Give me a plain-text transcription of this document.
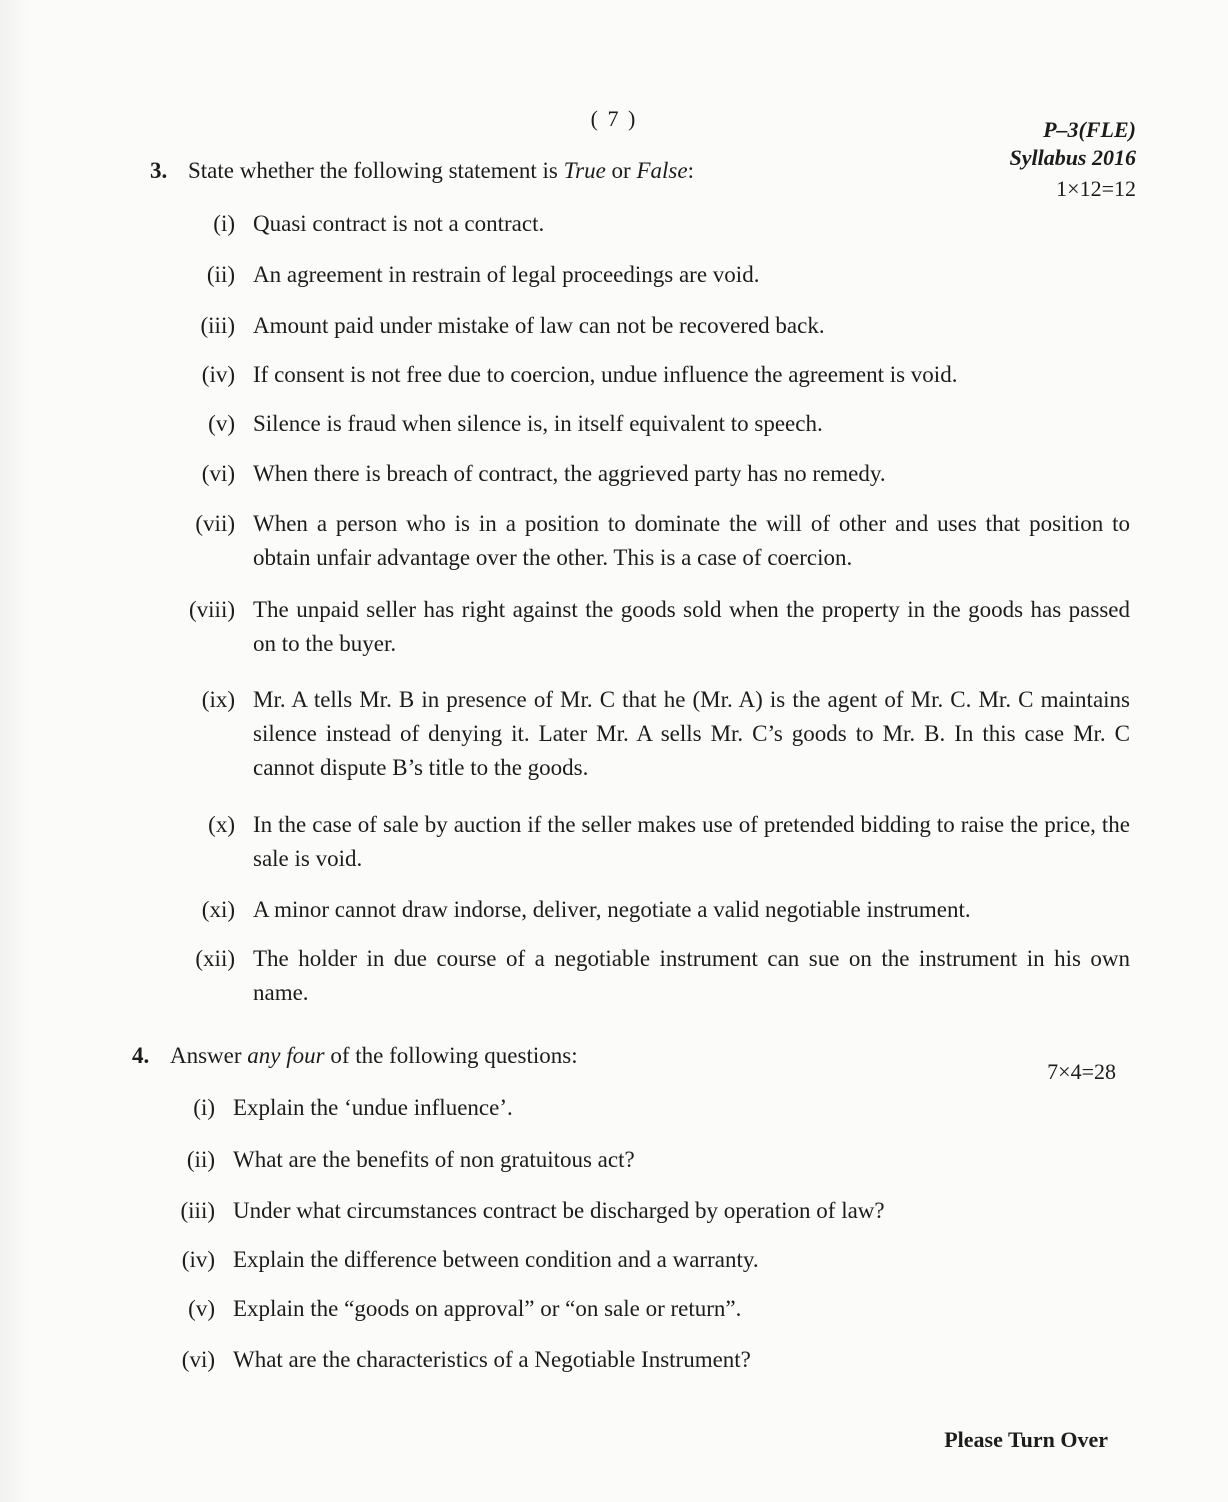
( 7 )	P–3(FLE)
Syllabus 2016
3. State whether the following statement is True or False:
1×12=12
(i) Quasi contract is not a contract.
(ii) An agreement in restrain of legal proceedings are void.
(iii) Amount paid under mistake of law can not be recovered back.
(iv) If consent is not free due to coercion, undue influence the agreement is void.
(v) Silence is fraud when silence is, in itself equivalent to speech.
(vi) When there is breach of contract, the aggrieved party has no remedy.
(vii) When a person who is in a position to dominate the will of other and uses that position to obtain unfair advantage over the other. This is a case of coercion.
(viii) The unpaid seller has right against the goods sold when the property in the goods has passed on to the buyer.
(ix) Mr. A tells Mr. B in presence of Mr. C that he (Mr. A) is the agent of Mr. C. Mr. C maintains silence instead of denying it. Later Mr. A sells Mr. C’s goods to Mr. B. In this case Mr. C cannot dispute B’s title to the goods.
(x) In the case of sale by auction if the seller makes use of pretended bidding to raise the price, the sale is void.
(xi) A minor cannot draw indorse, deliver, negotiate a valid negotiable instrument.
(xii) The holder in due course of a negotiable instrument can sue on the instrument in his own name.
4. Answer any four of the following questions:
7×4=28
(i) Explain the ‘undue influence’.
(ii) What are the benefits of non gratuitous act?
(iii) Under what circumstances contract be discharged by operation of law?
(iv) Explain the difference between condition and a warranty.
(v) Explain the “goods on approval” or “on sale or return”.
(vi) What are the characteristics of a Negotiable Instrument?
Please Turn Over
